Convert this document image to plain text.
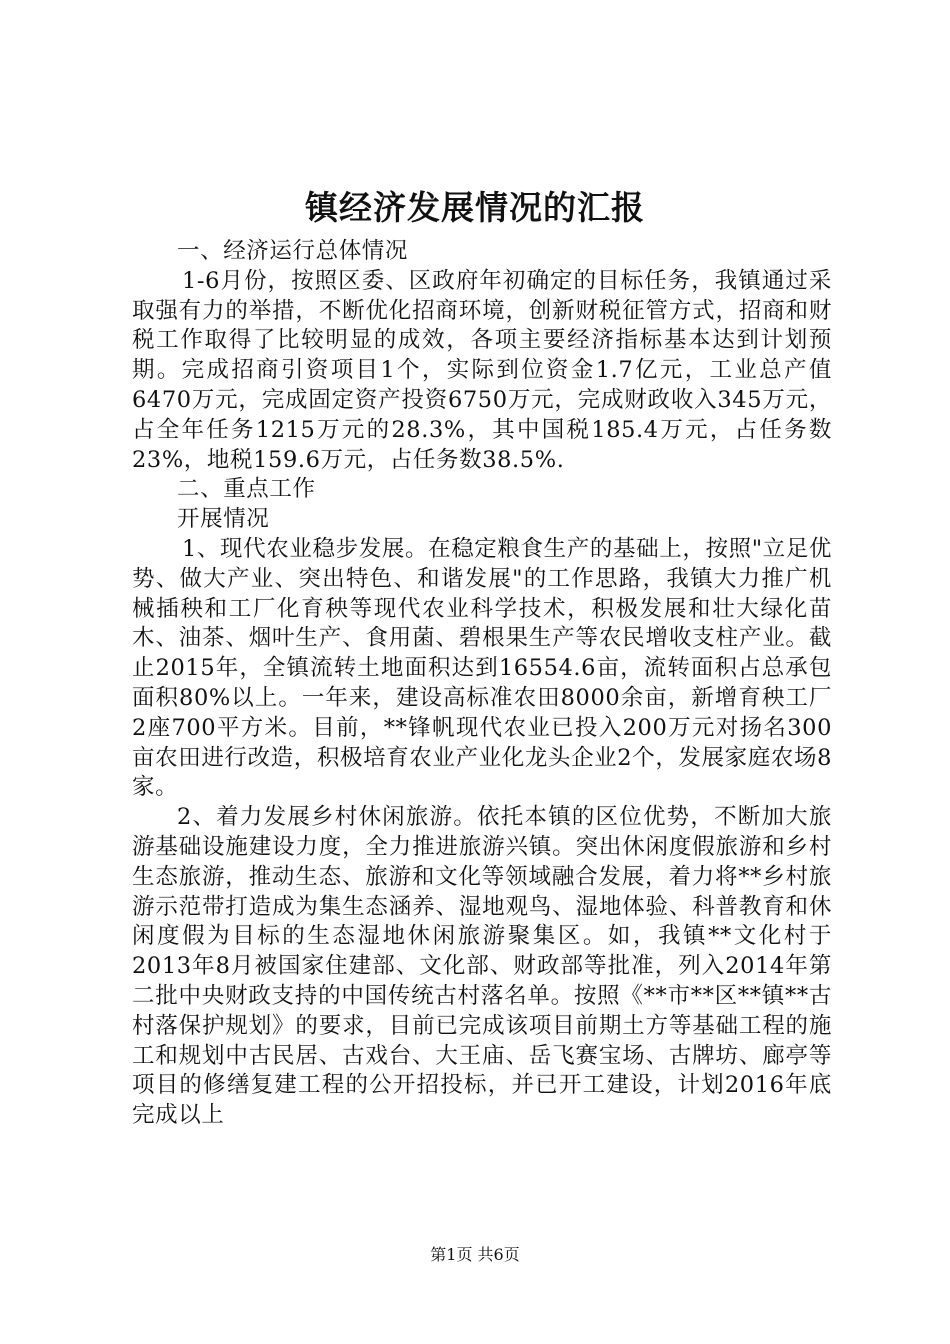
镇经济发展情况的汇报

一、经济运行总体情况

1-6月份，按照区委、区政府年初确定的目标任务，我镇通过采取强有力的举措，不断优化招商环境，创新财税征管方式，招商和财税工作取得了比较明显的成效，各项主要经济指标基本达到计划预期。完成招商引资项目1个，实际到位资金1.7亿元，工业总产值6470万元，完成固定资产投资6750万元，完成财政收入345万元，占全年任务1215万元的28.3%，其中国税185.4万元，占任务数23%，地税159.6万元，占任务数38.5%.

二、重点工作

开展情况

1、现代农业稳步发展。在稳定粮食生产的基础上，按照"立足优势、做大产业、突出特色、和谐发展"的工作思路，我镇大力推广机械插秧和工厂化育秧等现代农业科学技术，积极发展和壮大绿化苗木、油茶、烟叶生产、食用菌、碧根果生产等农民增收支柱产业。截止2015年，全镇流转土地面积达到16554.6亩，流转面积占总承包面积80%以上。一年来，建设高标准农田8000余亩，新增育秧工厂2座700平方米。目前，**锋帆现代农业已投入200万元对扬名300亩农田进行改造，积极培育农业产业化龙头企业2个，发展家庭农场8家。

2、着力发展乡村休闲旅游。依托本镇的区位优势，不断加大旅游基础设施建设力度，全力推进旅游兴镇。突出休闲度假旅游和乡村生态旅游，推动生态、旅游和文化等领域融合发展，着力将**乡村旅游示范带打造成为集生态涵养、湿地观鸟、湿地体验、科普教育和休闲度假为目标的生态湿地休闲旅游聚集区。如，我镇**文化村于2013年8月被国家住建部、文化部、财政部等批准，列入2014年第二批中央财政支持的中国传统古村落名单。按照《**市**区**镇**古村落保护规划》的要求，目前已完成该项目前期土方等基础工程的施工和规划中古民居、古戏台、大王庙、岳飞赛宝场、古牌坊、廊亭等项目的修缮复建工程的公开招投标，并已开工建设，计划2016年底完成以上

第1页 共6页
